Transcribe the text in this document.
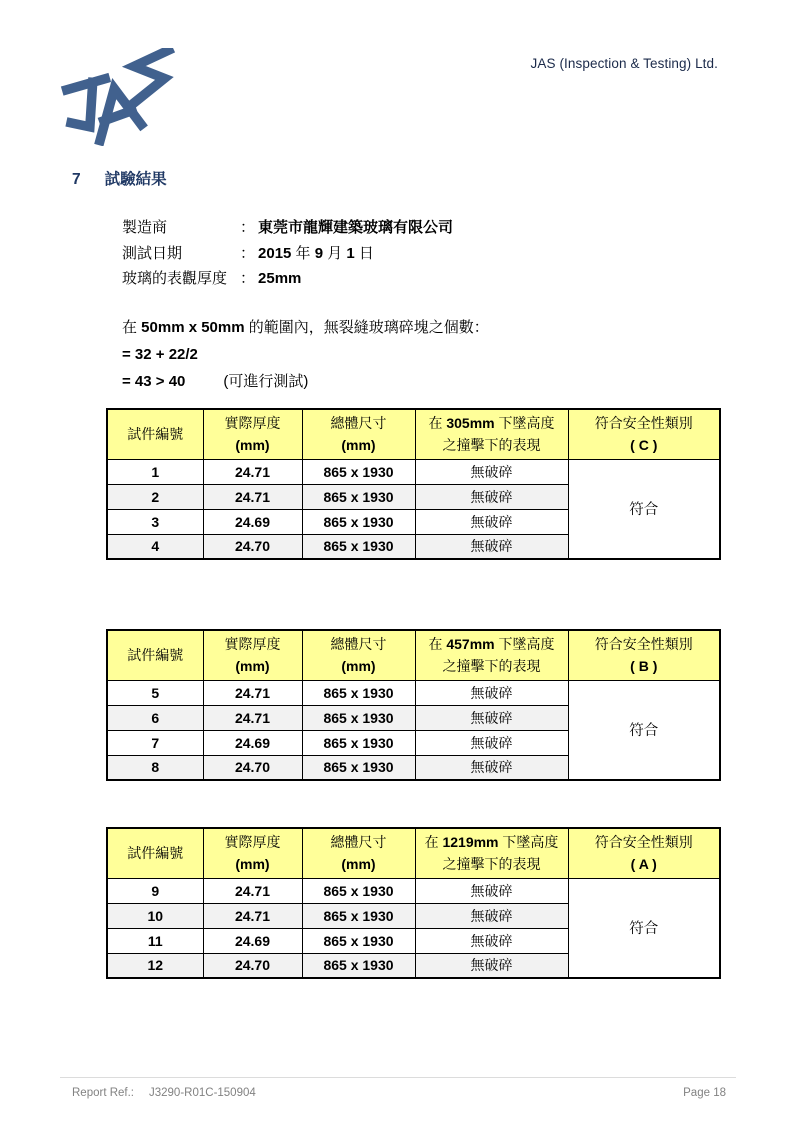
JAS (Inspection & Testing) Ltd.
7 試驗結果
製造商	： 東莞市龍輝建築玻璃有限公司
測試日期	： 2015 年 9 月 1 日
玻璃的表觀厚度 ： 25mm
在 50mm x 50mm 的範圍內，無裂縫玻璃碎塊之個數：
= 32 + 22/2
= 43 > 40	(可進行測試)
試件編號

實際厚度
(mm)

總體尺寸
(mm)

在 305mm 下墜高度
之撞擊下的表現

符合安全性類別
( C )

1	24.71	865 x 1930	無破碎	符合
2	24.71	865 x 1930	無破碎	
3	24.69	865 x 1930	無破碎	
4	24.70	865 x 1930	無破碎	
試件編號

實際厚度
(mm)

總體尺寸
(mm)

在 457mm 下墜高度
之撞擊下的表現

符合安全性類別
( B )

5	24.71	865 x 1930	無破碎	符合
6	24.71	865 x 1930	無破碎	
7	24.69	865 x 1930	無破碎	
8	24.70	865 x 1930	無破碎	
試件編號

實際厚度
(mm)

總體尺寸
(mm)

在 1219mm 下墜高度
之撞擊下的表現

符合安全性類別
( A )

9	24.71	865 x 1930	無破碎	符合
10	24.71	865 x 1930	無破碎	
11	24.69	865 x 1930	無破碎	
12	24.70	865 x 1930	無破碎	
Report Ref.: J3290-R01C-150904	Page 18
